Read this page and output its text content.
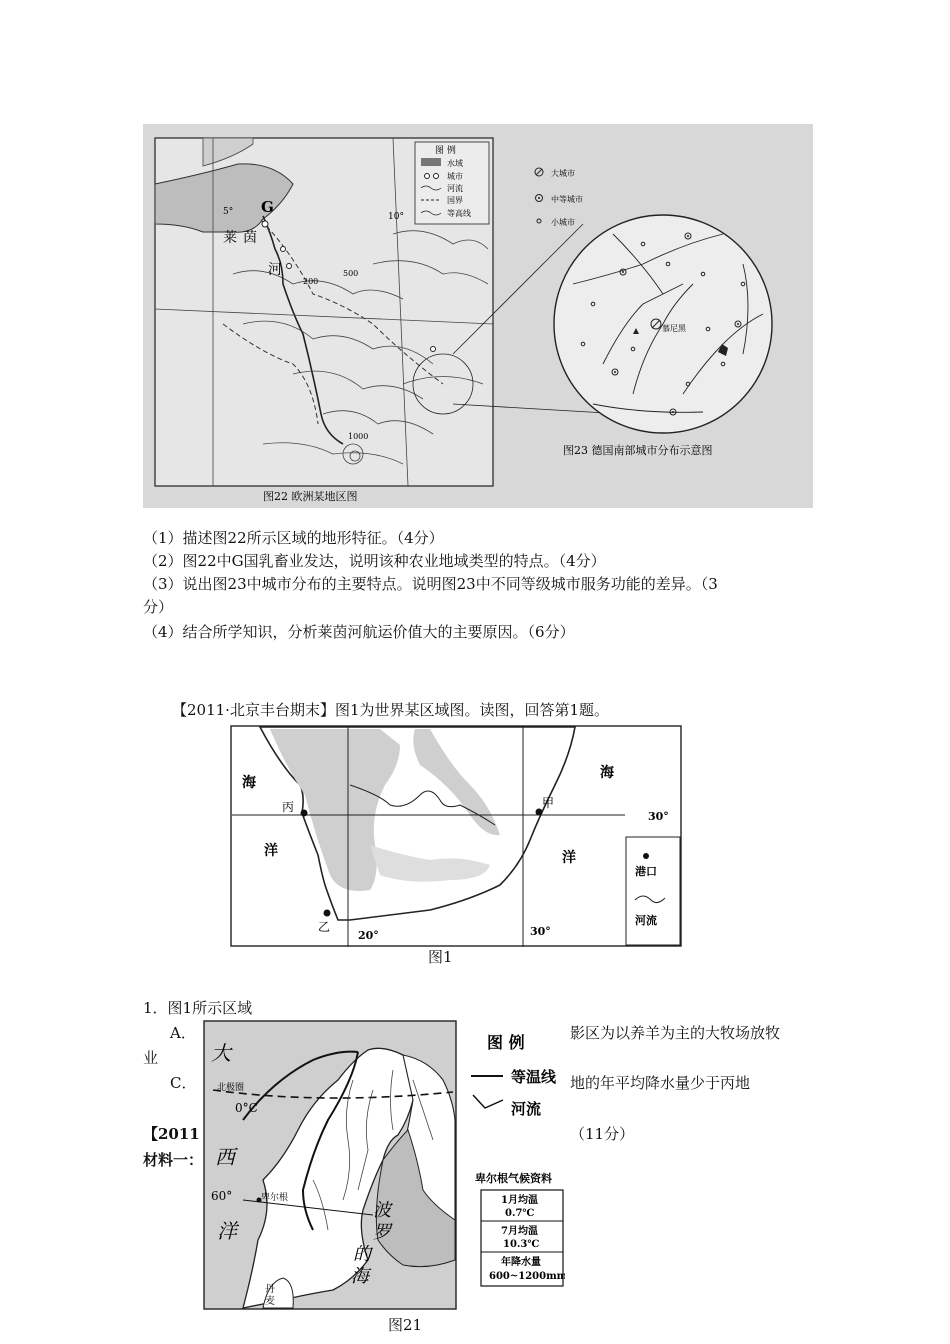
G
莱 茵
河
5°	10°
200
500
1000
图 例
水域
城市
河流
国界
等高线
图22 欧洲某地区图
大城市
中等城市
小城市
慕尼黑
图23 德国南部城市分布示意图
（1）描述图22所示区域的地形特征。（4分）
（2）图22中G国乳畜业发达，说明该种农业地域类型的特点。（4分）
（3）说出图23中城市分布的主要特点。说明图23中不同等级城市服务功能的差异。（3
分）
（4）结合所学知识，分析莱茵河航运价值大的主要原因。（6分）
【2011·北京丰台期末】图1为世界某区域图。读图，回答第1题。
海
海
洋	洋
丙	甲
乙
30°
20°	30°
港口
河流
图1
1．图1所示区域
A．	影区为以养羊为主的大牧场放牧
业
C．	地的年平均降水量少于丙地
【2011	（11分）
材料一：
大
西
洋
北极圈
0°C
60°	卑尔根
波
罗
的
海
丹
麦
图 例
等温线
河流
卑尔根气候资料
1月均温
0.7℃
7月均温
10.3℃
年降水量
600~1200mm
图21
